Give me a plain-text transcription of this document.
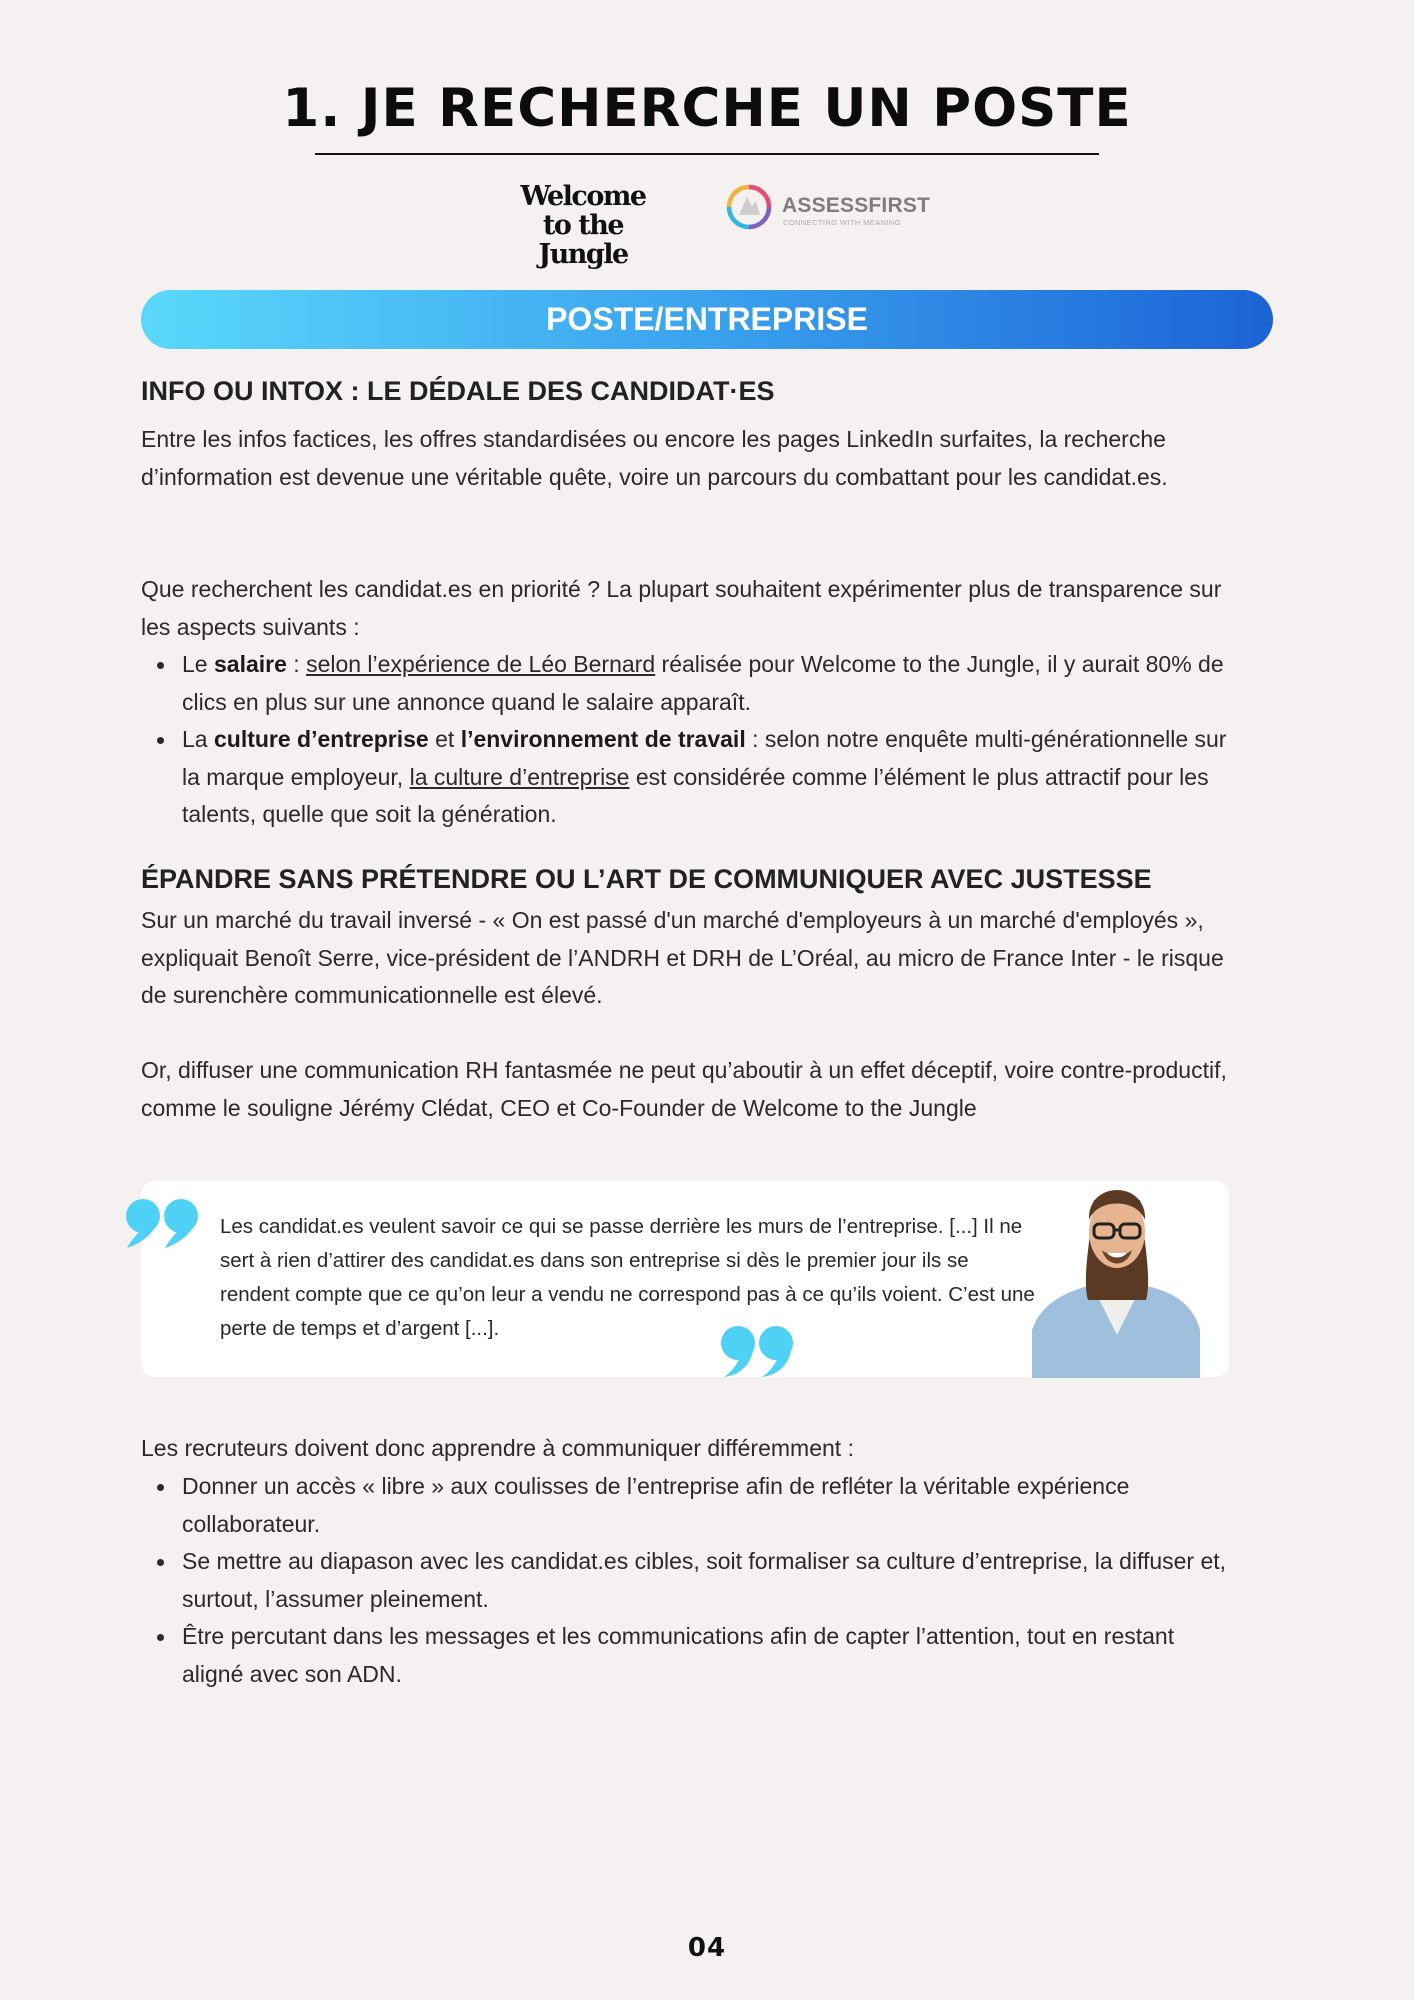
1. JE RECHERCHE UN POSTE
Welcome
to the Jungle
ASSESSFIRST
CONNECTING WITH MEANING
POSTE/ENTREPRISE
INFO OU INTOX : LE DÉDALE DES CANDIDAT·ES

Entre les infos factices, les offres standardisées ou encore les pages LinkedIn surfaites, la recherche d’information est devenue une véritable quête, voire un parcours du combattant pour les candidat.es.

Que recherchent les candidat.es en priorité ? La plupart souhaitent expérimenter plus de transparence sur les aspects suivants :

Le salaire : selon l’expérience de Léo Bernard réalisée pour Welcome to the Jungle, il y aurait 80% de clics en plus sur une annonce quand le salaire apparaît.
La culture d’entreprise et l’environnement de travail : selon notre enquête multi-générationnelle sur la marque employeur, la culture d’entreprise est considérée comme l’élément le plus attractif pour les talents, quelle que soit la génération.
ÉPANDRE SANS PRÉTENDRE OU L’ART DE COMMUNIQUER AVEC JUSTESSE

Sur un marché du travail inversé - « On est passé d'un marché d'employeurs à un marché d'employés », expliquait Benoît Serre, vice-président de l’ANDRH et DRH de L’Oréal, au micro de France Inter - le risque de surenchère communicationnelle est élevé.

Or, diffuser une communication RH fantasmée ne peut qu’aboutir à un effet déceptif, voire contre-productif, comme le souligne Jérémy Clédat, CEO et Co-Founder de Welcome to the Jungle

Les candidat.es veulent savoir ce qui se passe derrière les murs de l’entreprise. [...] Il ne sert à rien d’attirer des candidat.es dans son entreprise si dès le premier jour ils se rendent compte que ce qu’on leur a vendu ne correspond pas à ce qu’ils voient. C’est une perte de temps et d’argent [...].

Les recruteurs doivent donc apprendre à communiquer différemment :

Donner un accès « libre » aux coulisses de l’entreprise afin de refléter la véritable expérience collaborateur.
Se mettre au diapason avec les candidat.es cibles, soit formaliser sa culture d’entreprise, la diffuser et, surtout, l’assumer pleinement.
Être percutant dans les messages et les communications afin de capter l’attention, tout en restant aligné avec son ADN.
04
